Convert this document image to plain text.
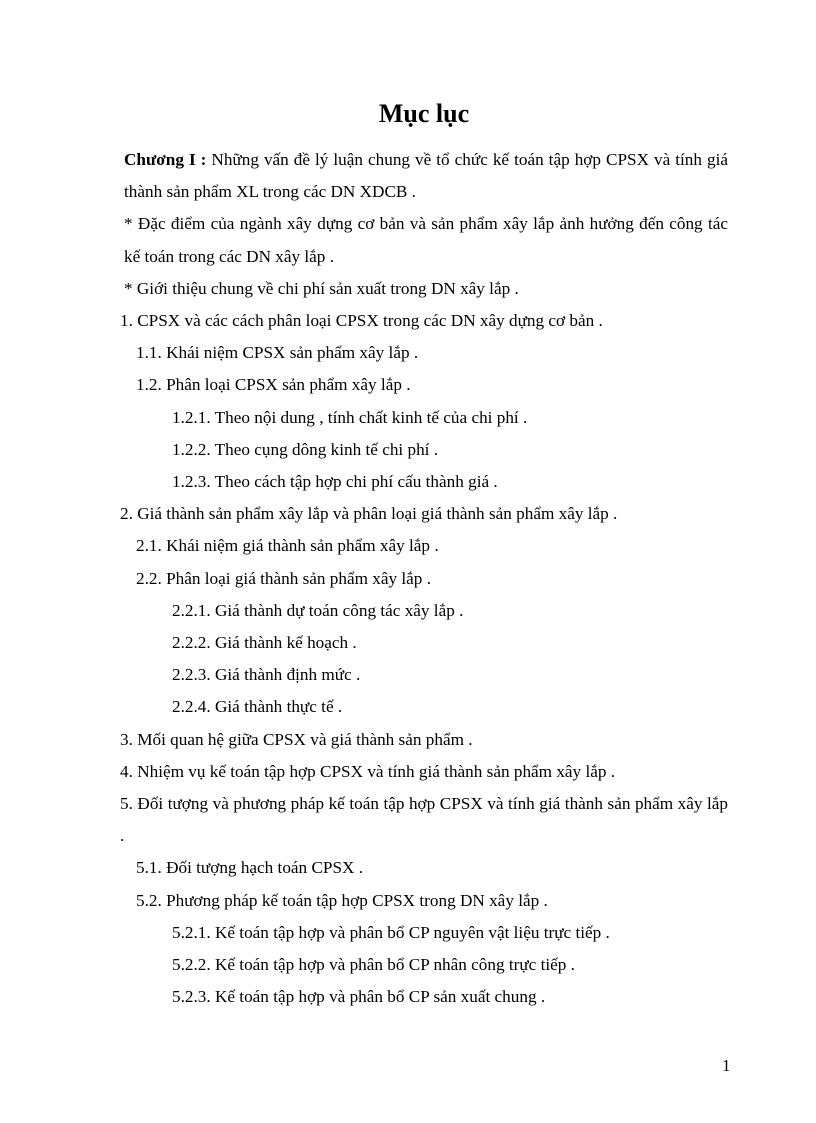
Mục lục
Chương I : Những vấn đề lý luận chung về tổ chức kế toán tập hợp CPSX và tính giá thành sản phẩm XL trong các DN XDCB .
* Đặc điểm của ngành xây dựng cơ bản và sản phẩm xây lắp ảnh hưởng đến công tác kế toán trong các DN xây lắp .
* Giới thiệu chung về chi phí sản xuất trong DN xây lắp .
1. CPSX và các cách phân loại CPSX trong các DN xây dựng cơ bản .
1.1. Khái niệm CPSX sản phẩm xây lắp .
1.2. Phân loại CPSX sản phẩm xây lắp .
1.2.1. Theo nội dung , tính chất kinh tế của chi phí .
1.2.2. Theo cụng dông kinh tế chi phí .
1.2.3. Theo cách tập hợp chi phí cấu thành giá .
2. Giá thành sản phẩm xây lắp và phân loại giá thành sản phẩm xây lắp .
2.1. Khái niệm giá thành sản phẩm xây lắp .
2.2. Phân loại giá thành sản phẩm xây lắp .
2.2.1. Giá thành dự toán công tác xây lắp .
2.2.2. Giá thành kế hoạch .
2.2.3. Giá thành định mức .
2.2.4. Giá thành thực tế .
3. Mối quan hệ giữa CPSX và giá thành sản phẩm .
4. Nhiệm vụ kế toán tập hợp CPSX và tính giá thành sản phẩm xây lắp .
5. Đối tượng và phương pháp kế toán tập hợp CPSX và tính giá thành sản phẩm xây lắp .
5.1. Đối tượng hạch toán CPSX .
5.2. Phương pháp kế toán tập hợp CPSX trong DN xây lắp .
5.2.1. Kế toán tập hợp và phân bổ CP nguyên vật liệu trực tiếp .
5.2.2. Kế toán tập hợp và phân bổ CP nhân công trực tiếp .
5.2.3. Kế toán tập hợp và phân bổ CP sản xuất chung .
1
